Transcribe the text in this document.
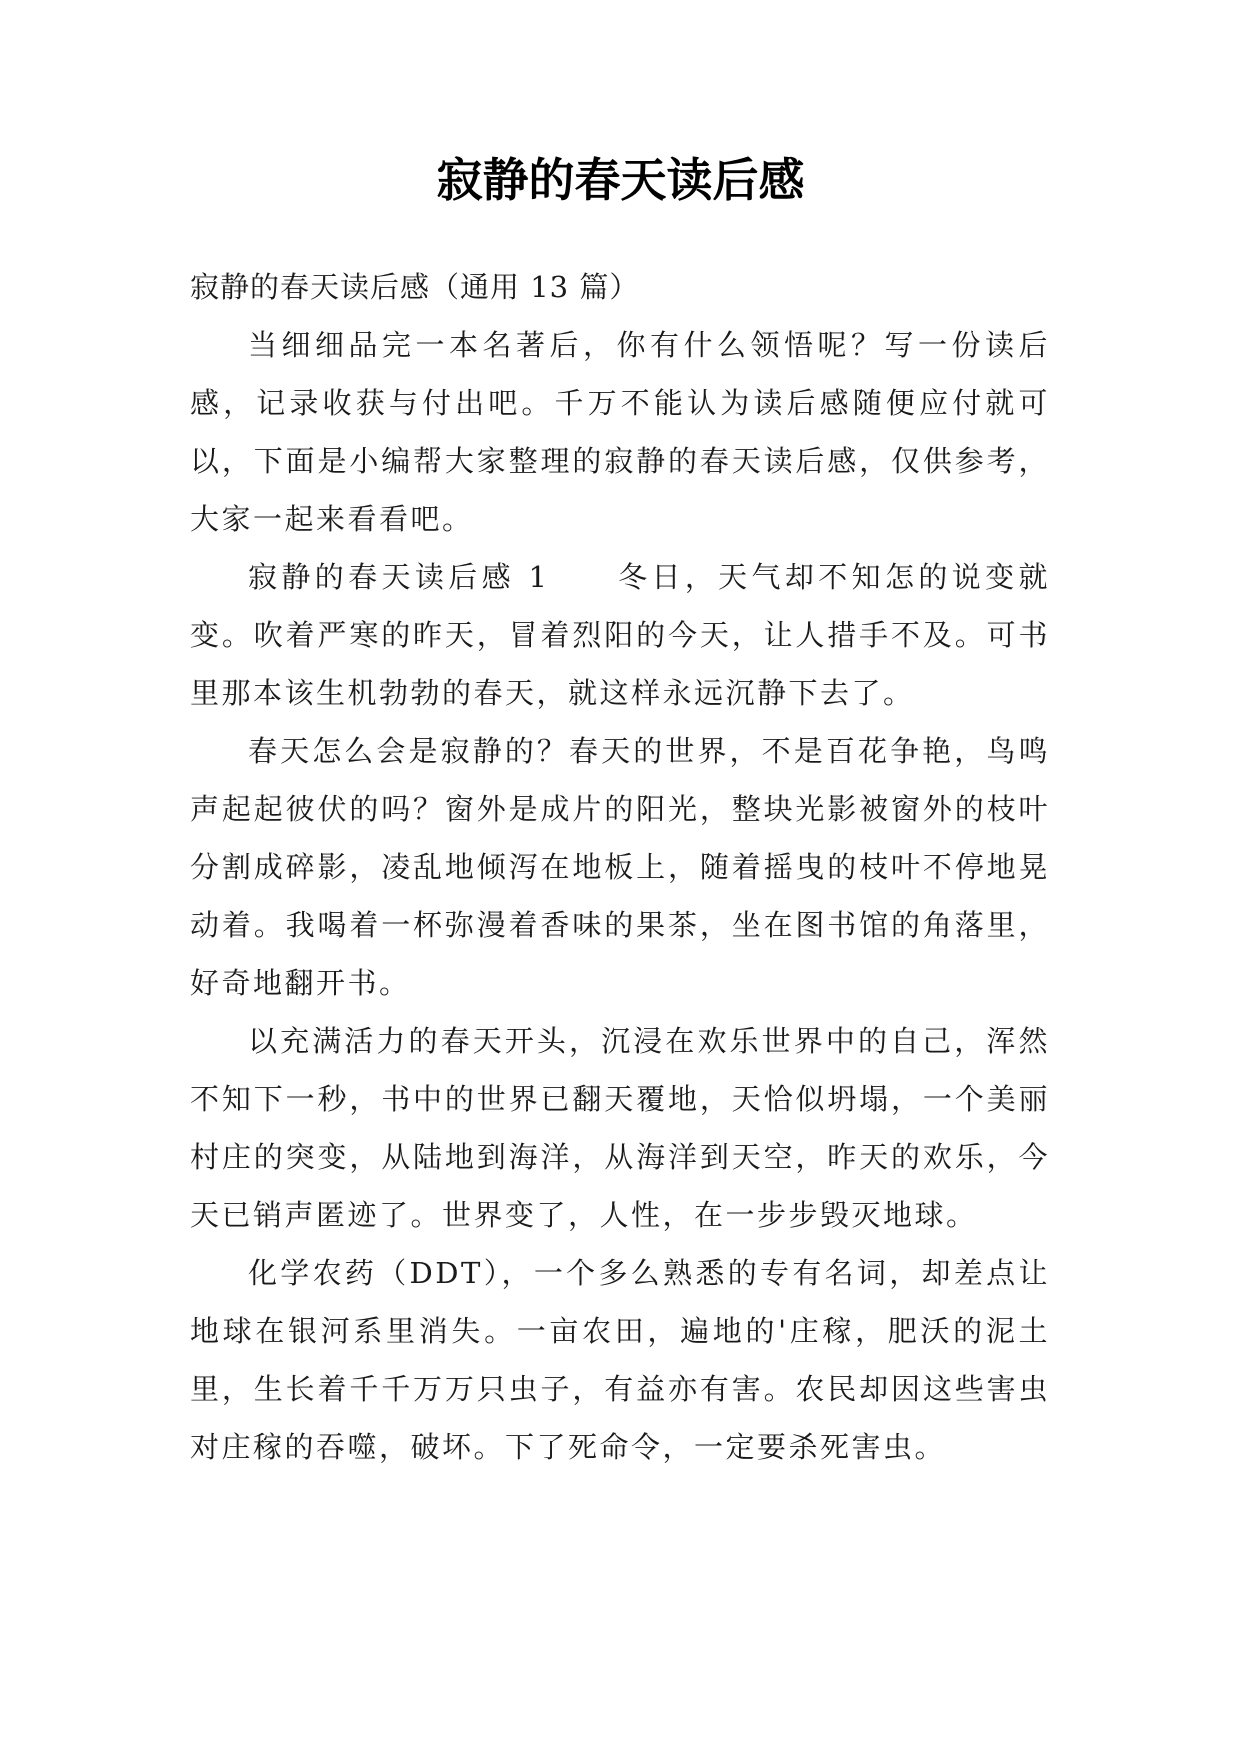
寂静的春天读后感

寂静的春天读后感（通用 13 篇）

当细细品完一本名著后，你有什么领悟呢？写一份读后感，记录收获与付出吧。千万不能认为读后感随便应付就可以，下面是小编帮大家整理的寂静的春天读后感，仅供参考，大家一起来看看吧。

寂静的春天读后感 1　　冬日，天气却不知怎的说变就变。吹着严寒的昨天，冒着烈阳的今天，让人措手不及。可书里那本该生机勃勃的春天，就这样永远沉静下去了。

春天怎么会是寂静的？春天的世界，不是百花争艳，鸟鸣声起起彼伏的吗？窗外是成片的阳光，整块光影被窗外的枝叶分割成碎影，凌乱地倾泻在地板上，随着摇曳的枝叶不停地晃动着。我喝着一杯弥漫着香味的果茶，坐在图书馆的角落里，好奇地翻开书。

以充满活力的春天开头，沉浸在欢乐世界中的自己，浑然不知下一秒，书中的世界已翻天覆地，天恰似坍塌，一个美丽村庄的突变，从陆地到海洋，从海洋到天空，昨天的欢乐，今天已销声匿迹了。世界变了，人性，在一步步毁灭地球。

化学农药（DDT），一个多么熟悉的专有名词，却差点让地球在银河系里消失。一亩农田，遍地的'庄稼，肥沃的泥土里，生长着千千万万只虫子，有益亦有害。农民却因这些害虫对庄稼的吞噬，破坏。下了死命令，一定要杀死害虫。
